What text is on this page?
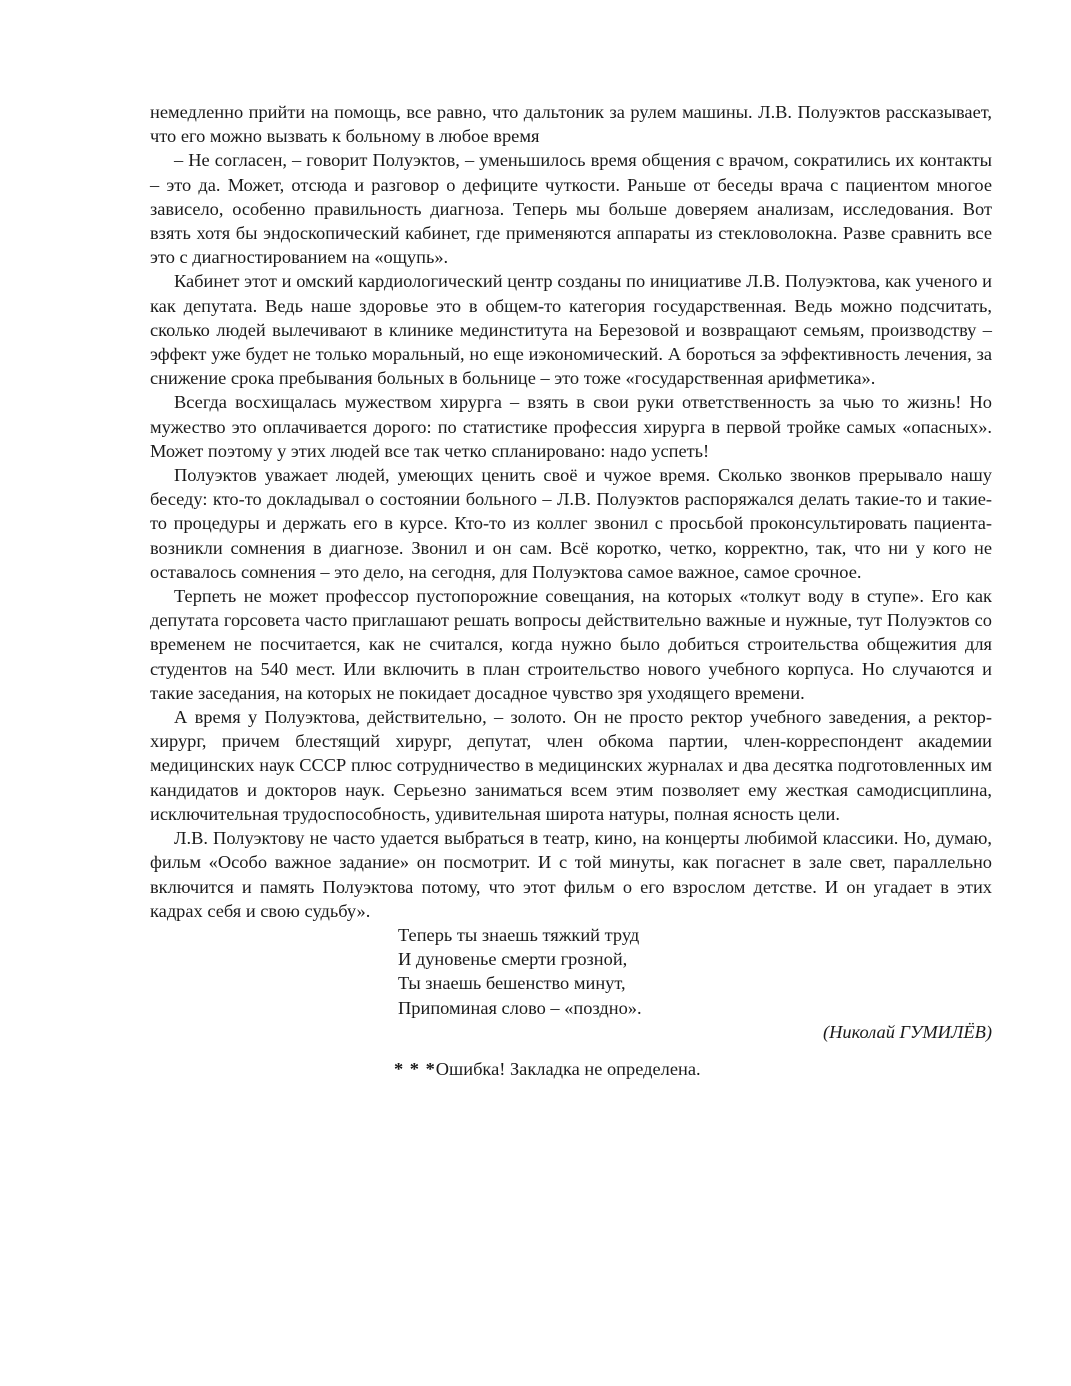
немедленно прийти на помощь, все равно, что дальтоник за рулем машины. Л.В. Полуэктов рассказывает, что его можно вызвать к больному в любое время

– Не согласен, – говорит Полуэктов, – уменьшилось время общения с врачом, сократились их контакты – это да. Может, отсюда и разговор о дефиците чуткости. Раньше от беседы врача с пациентом многое зависело, особенно правильность диагноза. Теперь мы больше доверяем анализам, исследования. Вот взять хотя бы эндоскопический кабинет, где применяются аппараты из стекловолокна. Разве сравнить все это с диагностированием на «ощупь».

Кабинет этот и омский кардиологический центр созданы по инициативе Л.В. Полуэктова, как ученого и как депутата. Ведь наше здоровье это в общем-то категория государственная. Ведь можно подсчитать, сколько людей вылечивают в клинике мединститута на Березовой и возвращают семьям, производству – эффект уже будет не только моральный, но еще иэкономический. А бороться за эффективность лечения, за снижение срока пребывания больных в больнице – это тоже «государственная арифметика».

Всегда восхищалась мужеством хирурга – взять в свои руки ответственность за чью то жизнь! Но мужество это оплачивается дорого: по статистике профессия хирурга в первой тройке самых «опасных». Может поэтому у этих людей все так четко спланировано: надо успеть!

Полуэктов уважает людей, умеющих ценить своё и чужое время. Сколько звонков прерывало нашу беседу: кто-то докладывал о состоянии больного – Л.В. Полуэктов распоряжался делать такие-то и такие-то процедуры и держать его в курсе. Кто-то из коллег звонил с просьбой проконсультировать пациента- возникли сомнения в диагнозе. Звонил и он сам. Всё коротко, четко, корректно, так, что ни у кого не оставалось сомнения – это дело, на сегодня, для Полуэктова самое важное, самое срочное.

Терпеть не может профессор пустопорожние совещания, на которых «толкут воду в ступе». Его как депутата горсовета часто приглашают решать вопросы действительно важные и нужные, тут Полуэктов со временем не посчитается, как не считался, когда нужно было добиться строительства общежития для студентов на 540 мест. Или включить в план строительство нового учебного корпуса. Но случаются и такие заседания, на которых не покидает досадное чувство зря уходящего времени.

А время у Полуэктова, действительно, – золото. Он не просто ректор учебного заведения, а ректор-хирург, причем блестящий хирург, депутат, член обкома партии, член-корреспондент академии медицинских наук СССР плюс сотрудничество в медицинских журналах и два десятка подготовленных им кандидатов и докторов наук. Серьезно заниматься всем этим позволяет ему жесткая самодисциплина, исключительная трудоспособность, удивительная широта натуры, полная ясность цели.

Л.В. Полуэктову не часто удается выбраться в театр, кино, на концерты любимой классики. Но, думаю, фильм «Особо важное задание» он посмотрит. И с той минуты, как погаснет в зале свет, параллельно включится и память Полуэктова потому, что этот фильм о его взрослом детстве. И он угадает в этих кадрах себя и свою судьбу».

Теперь ты знаешь тяжкий труд
И дуновенье смерти грозной,
Ты знаешь бешенство минут,
Припоминая слово – «поздно».

(Николай ГУМИЛЁВ)

* * *Ошибка! Закладка не определена.
